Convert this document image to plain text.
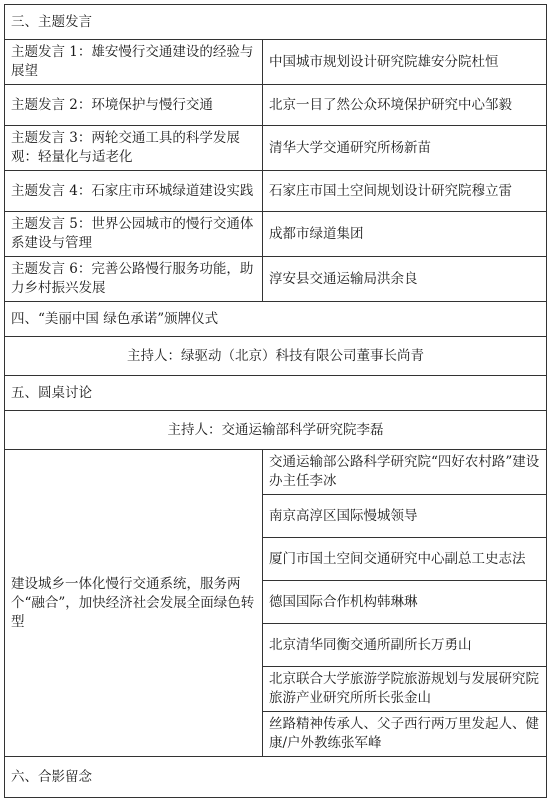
三、主题发言	
主题发言 1：雄安慢行交通建设的经验与展望	中国城市规划设计研究院雄安分院杜恒
主题发言 2：环境保护与慢行交通	北京一目了然公众环境保护研究中心邹毅
主题发言 3：两轮交通工具的科学发展观：轻量化与适老化	清华大学交通研究所杨新苗
主题发言 4：石家庄市环城绿道建设实践	石家庄市国土空间规划设计研究院穆立雷
主题发言 5：世界公园城市的慢行交通体系建设与管理	成都市绿道集团
主题发言 6：完善公路慢行服务功能，助力乡村振兴发展	淳安县交通运输局洪余良
四、“美丽中国 绿色承诺”颁牌仪式	
主持人：绿驱动（北京）科技有限公司董事长尚青	
五、圆桌讨论	
主持人：交通运输部科学研究院李磊	
建设城乡一体化慢行交通系统，服务两个“融合”，加快经济社会发展全面绿色转型	交通运输部公路科学研究院“四好农村路”建设办主任李冰
	南京高淳区国际慢城领导
	厦门市国土空间交通研究中心副总工史志法
	德国国际合作机构韩琳琳
	北京清华同衡交通所副所长万勇山
	北京联合大学旅游学院旅游规划与发展研究院旅游产业研究所所长张金山
	丝路精神传承人、父子西行两万里发起人、健康/户外教练张军峰
六、合影留念	
